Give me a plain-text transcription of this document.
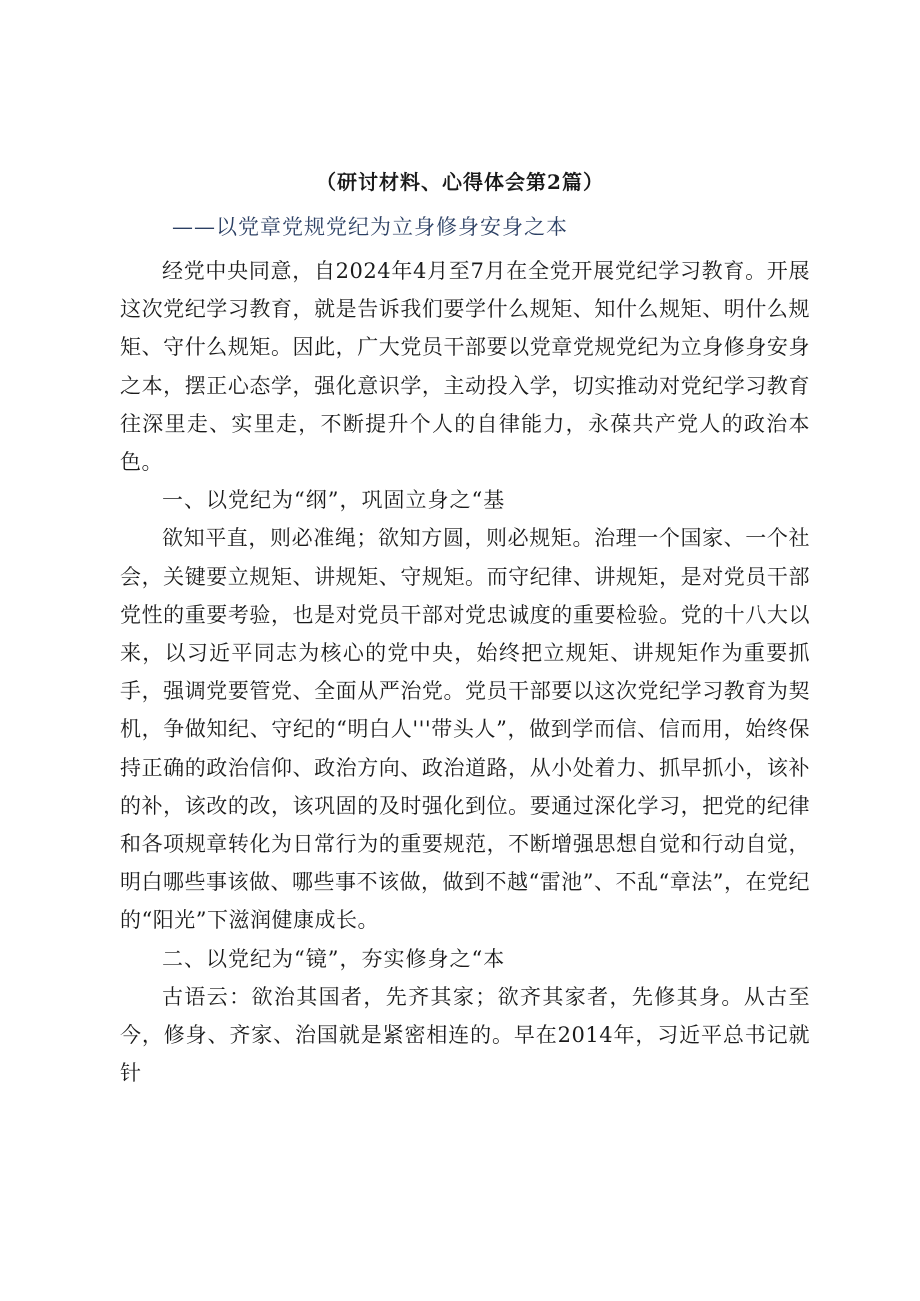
（研讨材料、心得体会第2篇）
——以党章党规党纪为立身修身安身之本

经党中央同意，自2024年4月至7月在全党开展党纪学习教育。开展这次党纪学习教育，就是告诉我们要学什么规矩、知什么规矩、明什么规矩、守什么规矩。因此，广大党员干部要以党章党规党纪为立身修身安身之本，摆正心态学，强化意识学，主动投入学，切实推动对党纪学习教育往深里走、实里走，不断提升个人的自律能力，永葆共产党人的政治本色。

一、以党纪为“纲”，巩固立身之“基

欲知平直，则必准绳；欲知方圆，则必规矩。治理一个国家、一个社会，关键要立规矩、讲规矩、守规矩。而守纪律、讲规矩，是对党员干部党性的重要考验，也是对党员干部对党忠诚度的重要检验。党的十八大以来，以习近平同志为核心的党中央，始终把立规矩、讲规矩作为重要抓手，强调党要管党、全面从严治党。党员干部要以这次党纪学习教育为契机，争做知纪、守纪的“明白人'''带头人”，做到学而信、信而用，始终保持正确的政治信仰、政治方向、政治道路，从小处着力、抓早抓小，该补的补，该改的改，该巩固的及时强化到位。要通过深化学习，把党的纪律和各项规章转化为日常行为的重要规范，不断增强思想自觉和行动自觉，明白哪些事该做、哪些事不该做，做到不越“雷池”、不乱“章法”，在党纪的“阳光”下滋润健康成长。

二、以党纪为“镜”，夯实修身之“本

古语云：欲治其国者，先齐其家；欲齐其家者，先修其身。从古至今，修身、齐家、治国就是紧密相连的。早在2014年，习近平总书记就针
